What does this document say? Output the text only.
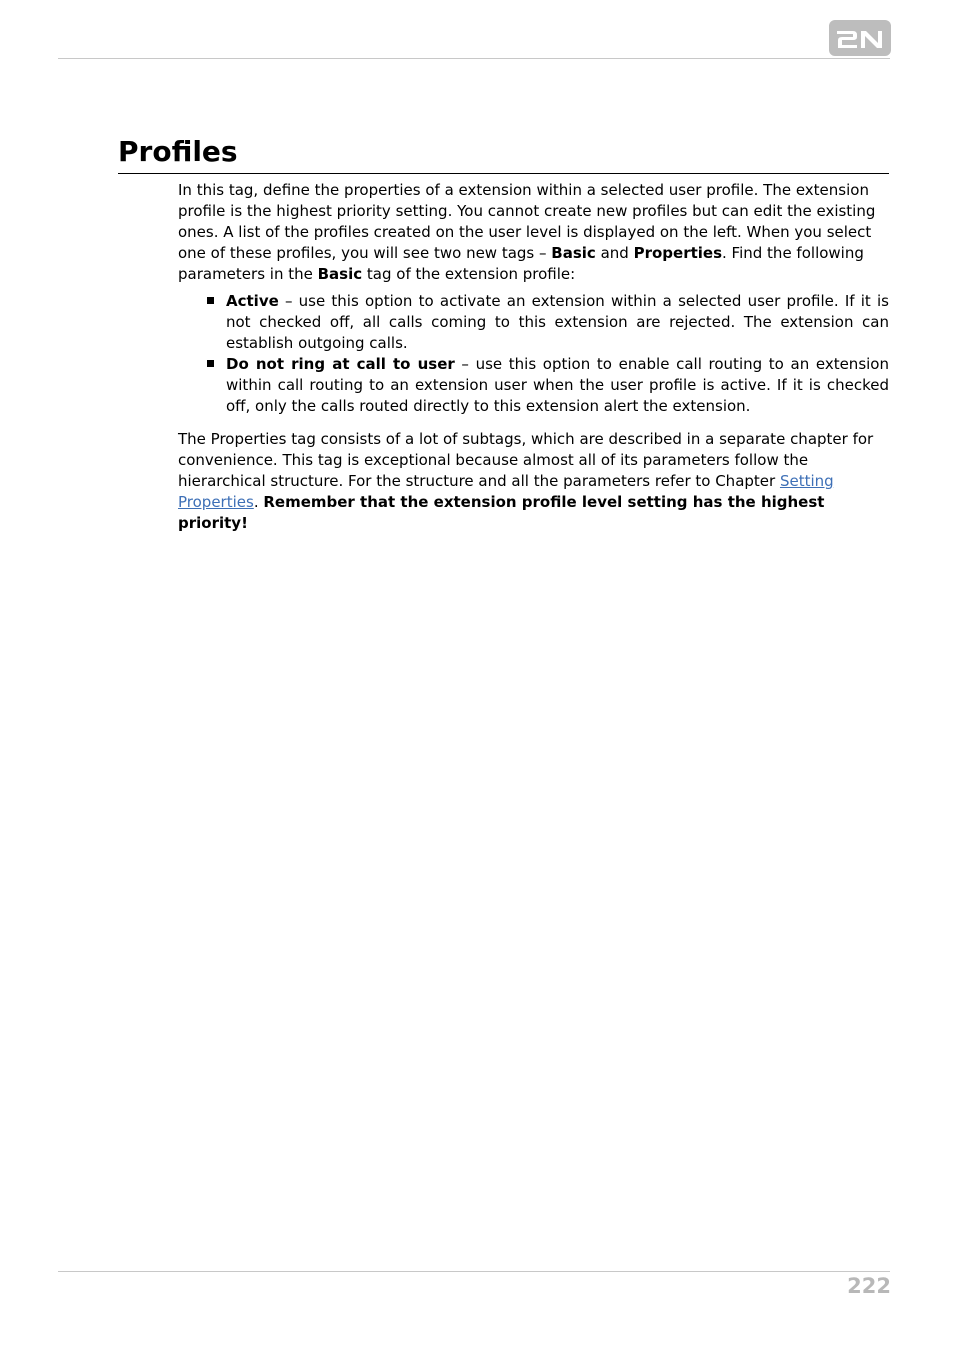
Profiles

In this tag, define the properties of a extension within a selected user profile. The extension profile is the highest priority setting. You cannot create new profiles but can edit the existing ones. A list of the profiles created on the user level is displayed on the left. When you select one of these profiles, you will see two new tags – Basic and Properties. Find the following parameters in the Basic tag of the extension profile:

Active – use this option to activate an extension within a selected user profile. If it is not checked off, all calls coming to this extension are rejected. The extension can establish outgoing calls.
Do not ring at call to user – use this option to enable call routing to an extension within call routing to an extension user when the user profile is active. If it is checked off, only the calls routed directly to this extension alert the extension.

The Properties tag consists of a lot of subtags, which are described in a separate chapter for convenience. This tag is exceptional because almost all of its parameters follow the hierarchical structure. For the structure and all the parameters refer to Chapter Setting Properties. Remember that the extension profile level setting has the highest priority!

222
